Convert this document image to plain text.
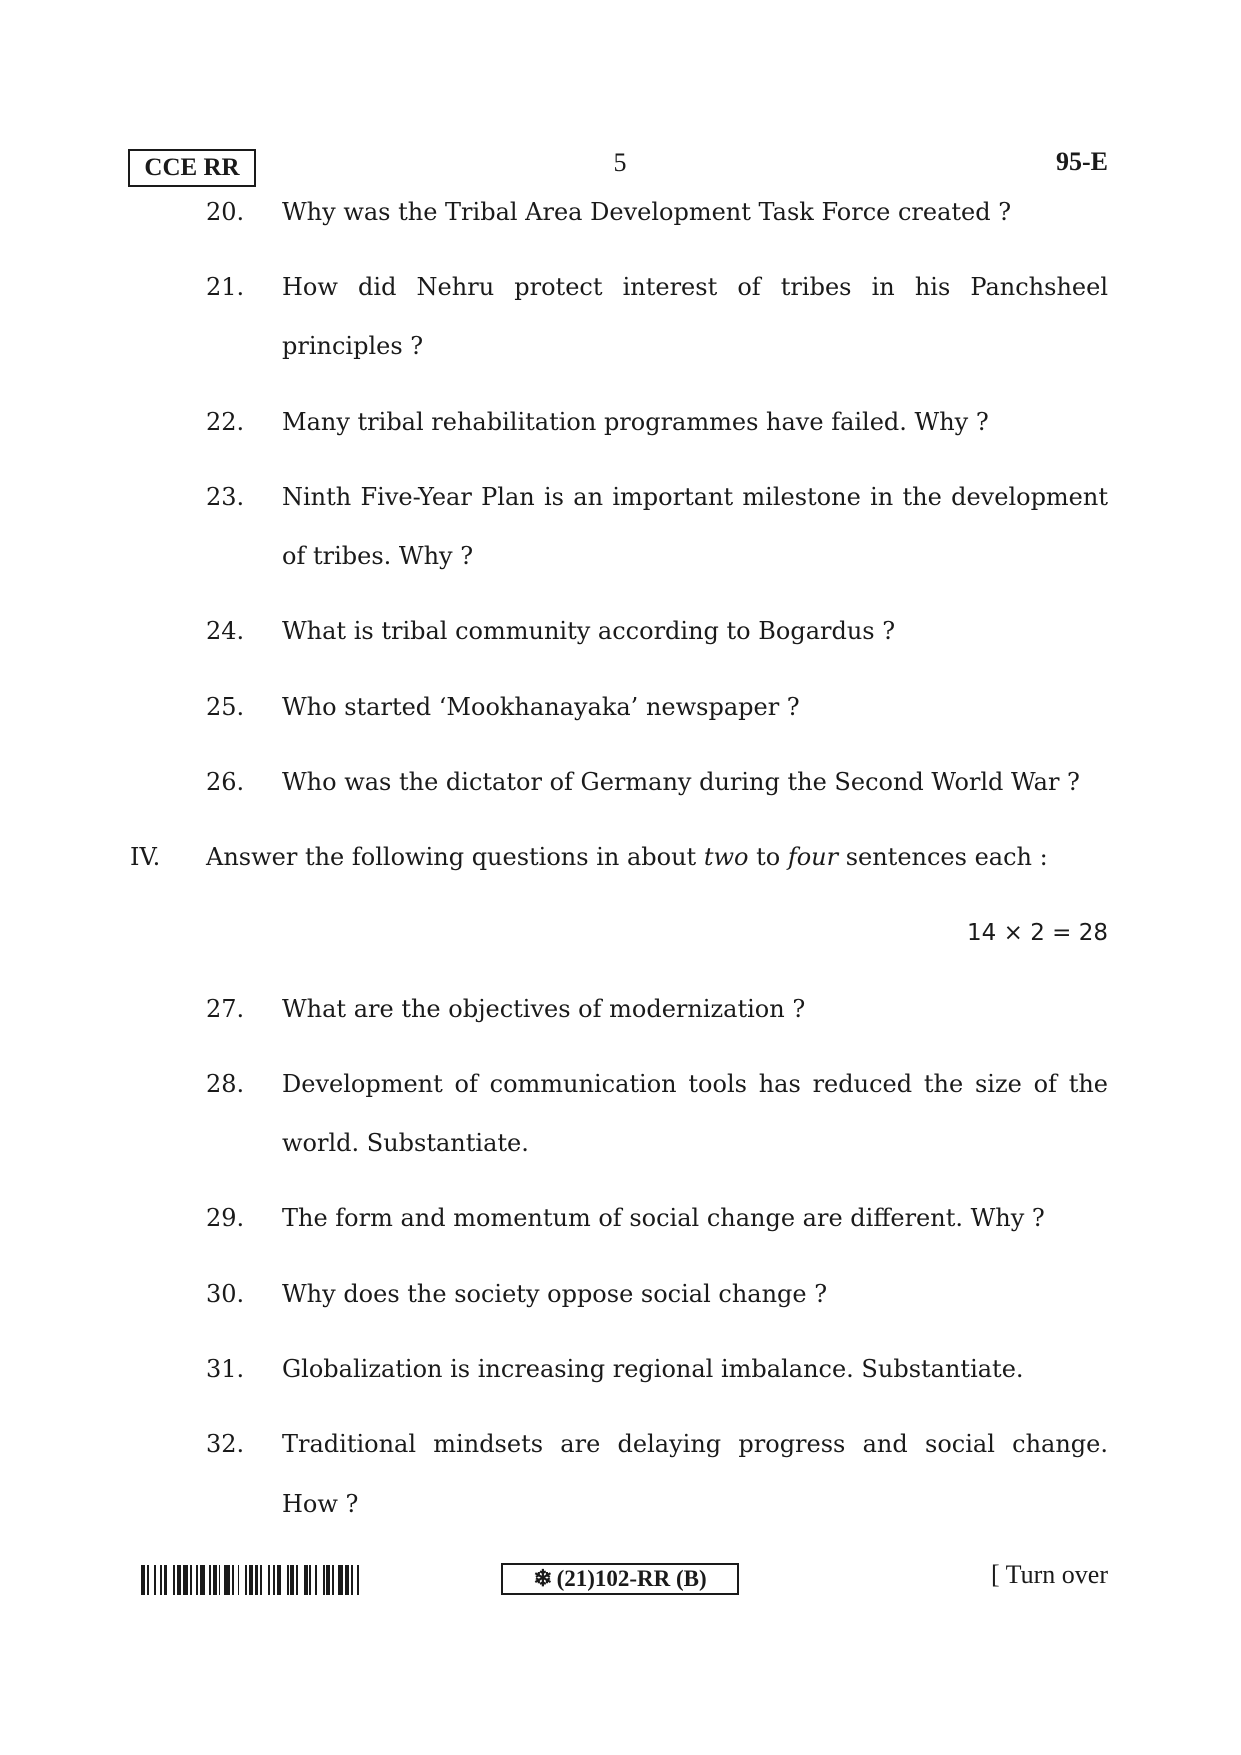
CCE RR	5	95-E
20.	Why was the Tribal Area Development Task Force created ?
21.	How did Nehru protect interest of tribes in his Panchsheel
principles ?
22.	Many tribal rehabilitation programmes have failed. Why ?
23.	Ninth Five-Year Plan is an important milestone in the development
of tribes. Why ?
24.	What is tribal community according to Bogardus ?
25.	Who started ‘Mookhanayaka’ newspaper ?
26.	Who was the dictator of Germany during the Second World War ?
IV. Answer the following questions in about two to four sentences each :
14 × 2 = 28
27.	What are the objectives of modernization ?
28.	Development of communication tools has reduced the size of the
world. Substantiate.
29.	The form and momentum of social change are different. Why ?
30.	Why does the society oppose social change ?
31.	Globalization is increasing regional imbalance. Substantiate.
32.	Traditional mindsets are delaying progress and social change.
How ?
❄ (21)102-RR (B)	[ Turn over
